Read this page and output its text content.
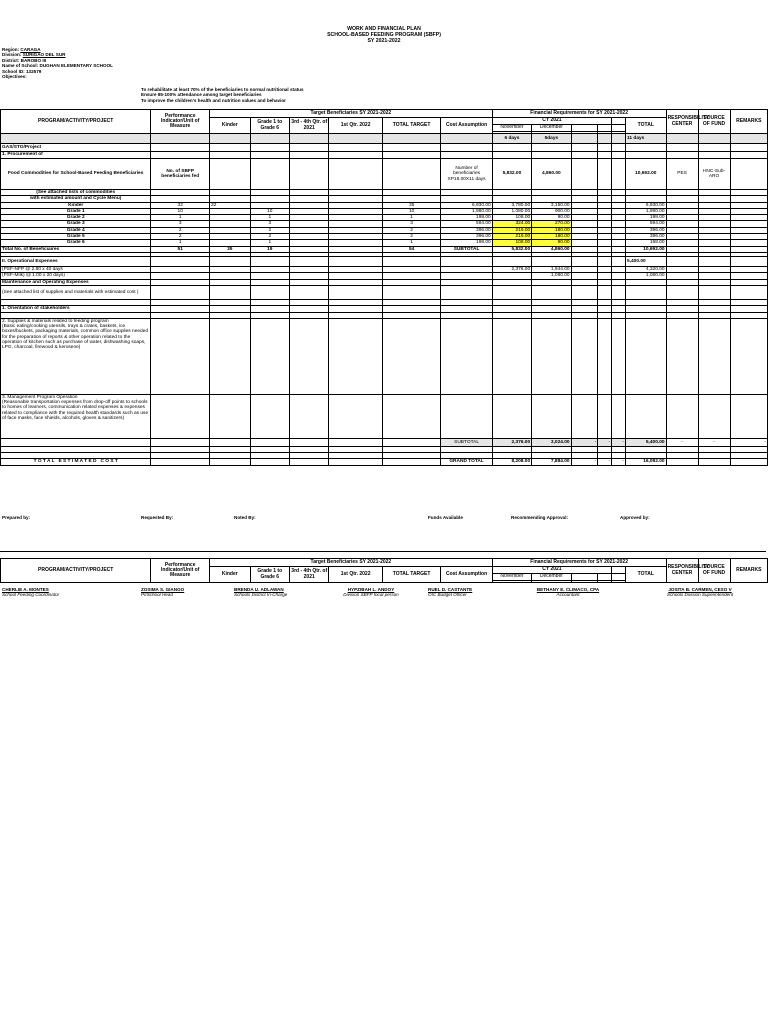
WORK AND FINANCIAL PLAN
SCHOOL-BASED FEEDING PROGRAM (SBFP)
SY 2021-2022
Region: CARAGA
Division: SURIGAO DEL SUR
District: BAROBO III
Name of School: DUGHAN ELEMENTARY SCHOOL
School ID: 132579
Objectives:
To rehabilitate at least 70% of the beneficiaries to normal nutritional status
Ensure 85-100% attendance among target beneficiaries
To improve the children's health and nutrition values and behavior
PROGRAM/ACTIVITY/PROJECT	Performance Indicator/Unit of Measure	Target Beneficiaries SY 2021-2022						Financial Requirements for SY 2021-2022						RESPONSIBILITY CENTER	SOURCE OF FUND	REMARKS
		Kinder	Grade 1 to Grade 6	3rd - 4th Qtr. of 2021	1st Qtr. 2022	TOTAL TARGET	Cost Assumption	CY 2021					TOTAL			
								November	December							

								6 days	5days				11 days			
GAS/STO/Project																
1. Procurement of																
Food Commodities for School-Based Feeding Beneficiaries	No. of SBFP beneficiaries fed						Number of beneficiaries XP18.00X11 days	5,832.00	4,860.00				10,692.00	PES	HNC-Sub-ARO	
(See attached lists of commodities																
with estimated amount and Cycle Menu)																
Kinder	32	32				35	6,930.00	3,780.00	3,150.00				6,930.00			
Grade 1	10		10			10	1,980.00	1,080.00	900.00				1,980.00			
Grade 2	1		1			1	198.00	108.00	90.00				198.00			
Grade 3	3		3			3	594.00	324.00	270.00				594.00			
Grade 4	2		2			2	396.00	216.00	180.00				396.00			
Grade 5	2		2			2	396.00	216.00	180.00				396.00			
Grade 6	1		1			1	198.00	108.00	90.00				198.00			
Total No. of Beneficiaires	51	35	19			54	SUBTOTAL	5,832.00	4,860.00				10,692.00			

II. Operational Expenses													5,400.00			
(PSF-NFP @ 2.80 x 40 days								2,376.00	1,944.00				4,320.00			
(PSF-Milk) @ 1.00 x 20 days)									1,080.00				1,080.00			
Maintenance and Operating Expenses																
(See attached list of supplies and materials with estimated cost )																

1. Orientation of stakeholders																

2. Supplies & materials related to feeding program
(Basic eating/cooking utensils, trays & crates, baskets, ice boxes/buckets, packaging materials, common office supplies needed for the preparation of reports & other operation related to the operation of kitchen such as purchase of water, dishwashing soaps, LPG, charcoal, firewood & kerosene)																

3. Management Program Operation
(Reasonable transportation expenses from drop-off points to schools to homes of learners, communication related expenses & expenses related to compliance with the required health standards such as use of face masks, face shields, alcohols, gloves & sanitizers)																

							SUBTOTAL	2,376.00	3,024.00	-	-	-	5,400.00	-	-	-

T O T A L   E S T I M A T E D   C O S T							GRAND TOTAL	8,208.00	7,884.00	-	-	-	16,092.00			
Prepared by:	Requested By:	Noted By:	Funds Available	Recommending Approval:	Approved by:
PROGRAM/ACTIVITY/PROJECT	Performance Indicator/Unit of Measure	Target Beneficiaries SY 2021-2022						Financial Requirements for SY 2021-2022						RESPONSIBILITY CENTER	SOURCE OF FUND	REMARKS
		Kinder	Grade 1 to Grade 6	3rd - 4th Qtr. of 2021	1st Qtr. 2022	TOTAL TARGET	Cost Assumption	CY 2021					TOTAL			
								November	December							

CHERLIE A. MONTES
School Feeding Coordinator
ZOSIMA S. GIANGO
PI/School Head
BRENDA U. ADLAWAN
Schools District In-Charge
HYPZIBAH L. ANDOY
Division SBFP focal person
RUEL D. CASTANTE
OIC Budget Officer
BETHANY E. CLIMACO, CPA
Accountant
JOSITA B. CARMEN, CESO V
Schools Division Superintendent
